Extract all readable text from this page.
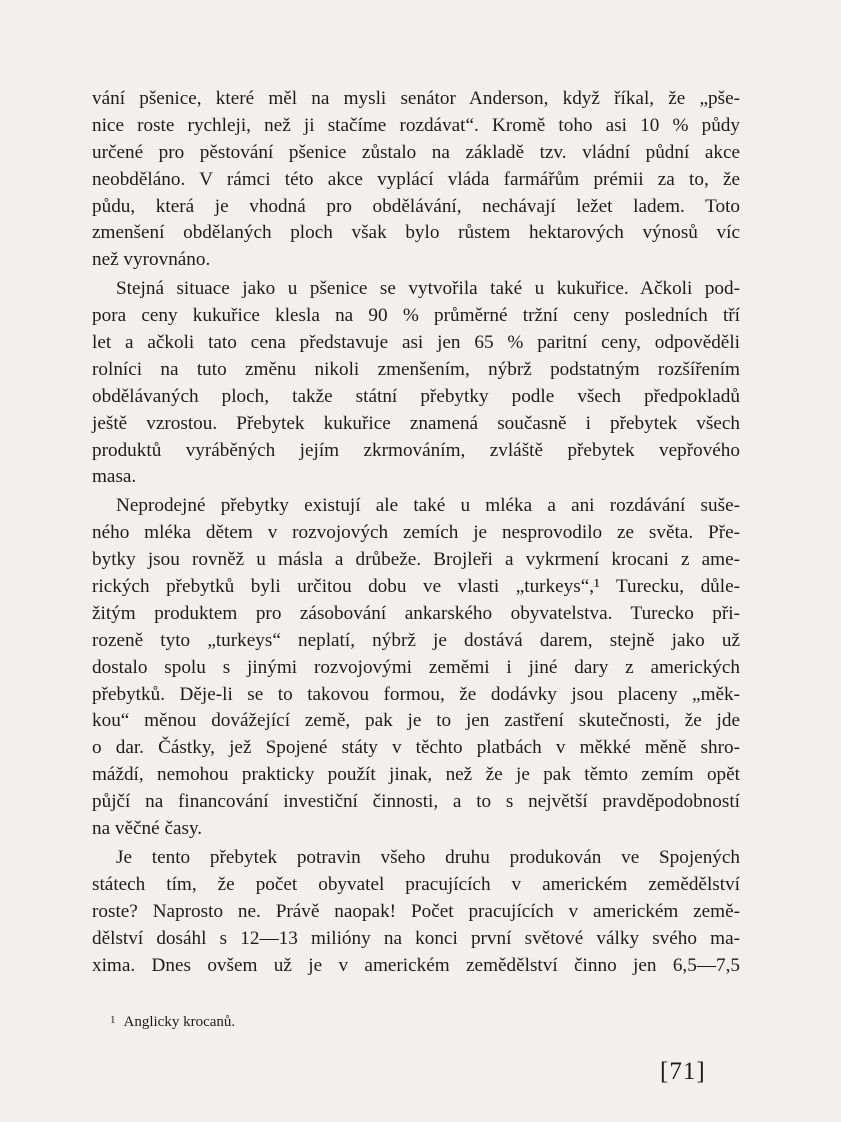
vání pšenice, které měl na mysli senátor Anderson, když říkal, že „pše-
nice roste rychleji, než ji stačíme rozdávat“. Kromě toho asi 10 % půdy
určené pro pěstování pšenice zůstalo na základě tzv. vládní půdní akce
neobděláno. V rámci této akce vyplácí vláda farmářům prémii za to, že
půdu, která je vhodná pro obdělávání, nechávají ležet ladem. Toto
zmenšení obdělaných ploch však bylo růstem hektarových výnosů víc
než vyrovnáno.
Stejná situace jako u pšenice se vytvořila také u kukuřice. Ačkoli pod-
pora ceny kukuřice klesla na 90 % průměrné tržní ceny posledních tří
let a ačkoli tato cena představuje asi jen 65 % paritní ceny, odpověděli
rolníci na tuto změnu nikoli zmenšením, nýbrž podstatným rozšířením
obdělávaných ploch, takže státní přebytky podle všech předpokladů
ještě vzrostou. Přebytek kukuřice znamená současně i přebytek všech
produktů vyráběných jejím zkrmováním, zvláště přebytek vepřového
masa.
Neprodejné přebytky existují ale také u mléka a ani rozdávání suše-
ného mléka dětem v rozvojových zemích je nesprovodilo ze světa. Pře-
bytky jsou rovněž u másla a drůbeže. Brojleři a vykrmení krocani z ame-
rických přebytků byli určitou dobu ve vlasti „turkeys“,¹ Turecku, důle-
žitým produktem pro zásobování ankarského obyvatelstva. Turecko při-
rozeně tyto „turkeys“ neplatí, nýbrž je dostává darem, stejně jako už
dostalo spolu s jinými rozvojovými zeměmi i jiné dary z amerických
přebytků. Děje-li se to takovou formou, že dodávky jsou placeny „měk-
kou“ měnou dovážející země, pak je to jen zastření skutečnosti, že jde
o dar. Částky, jež Spojené státy v těchto platbách v měkké měně shro-
máždí, nemohou prakticky použít jinak, než že je pak těmto zemím opět
půjčí na financování investiční činnosti, a to s největší pravděpodobností
na věčné časy.
Je tento přebytek potravin všeho druhu produkován ve Spojených
státech tím, že počet obyvatel pracujících v americkém zemědělství
roste? Naprosto ne. Právě naopak! Počet pracujících v americkém země-
dělství dosáhl s 12—13 milióny na konci první světové války svého ma-
xima. Dnes ovšem už je v americkém zemědělství činno jen 6,5—7,5
$^1$ Anglicky krocanů.
[71]
